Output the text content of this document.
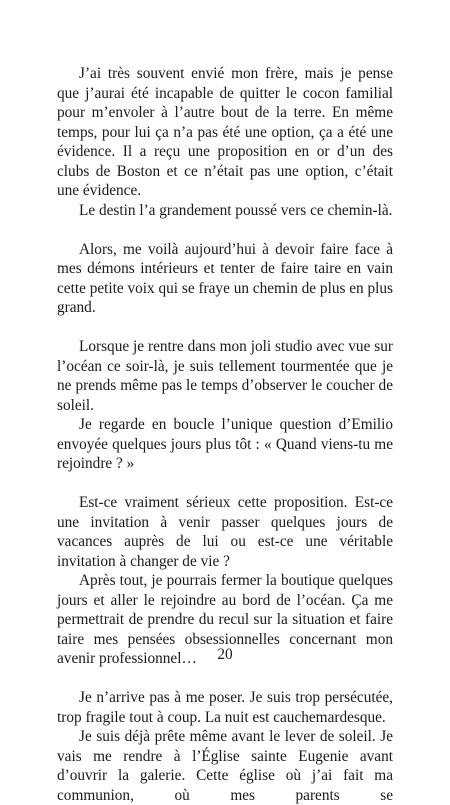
J’ai très souvent envié mon frère, mais je pense que j’aurai été incapable de quitter le cocon familial pour m’envoler à l’autre bout de la terre. En même temps, pour lui ça n’a pas été une option, ça a été une évidence. Il a reçu une proposition en or d’un des clubs de Boston et ce n’était pas une option, c’était une évidence.

Le destin l’a grandement poussé vers ce chemin-là.

Alors, me voilà aujourd’hui à devoir faire face à mes démons intérieurs et tenter de faire taire en vain cette petite voix qui se fraye un chemin de plus en plus grand.

Lorsque je rentre dans mon joli studio avec vue sur l’océan ce soir-là, je suis tellement tourmentée que je ne prends même pas le temps d’observer le coucher de soleil.

Je regarde en boucle l’unique question d’Emilio envoyée quelques jours plus tôt : « Quand viens-tu me rejoindre ? »

Est-ce vraiment sérieux cette proposition. Est-ce une invitation à venir passer quelques jours de vacances auprès de lui ou est-ce une véritable invitation à changer de vie ?

Après tout, je pourrais fermer la boutique quelques jours et aller le rejoindre au bord de l’océan. Ça me permettrait de prendre du recul sur la situation et faire taire mes pensées obsessionnelles concernant mon avenir professionnel…

Je n’arrive pas à me poser. Je suis trop persécutée, trop fragile tout à coup. La nuit est cauchemardesque.

Je suis déjà prête même avant le lever de soleil. Je vais me rendre à l’Église sainte Eugenie avant d’ouvrir la galerie. Cette église où j’ai fait ma communion, où mes parents se

20
